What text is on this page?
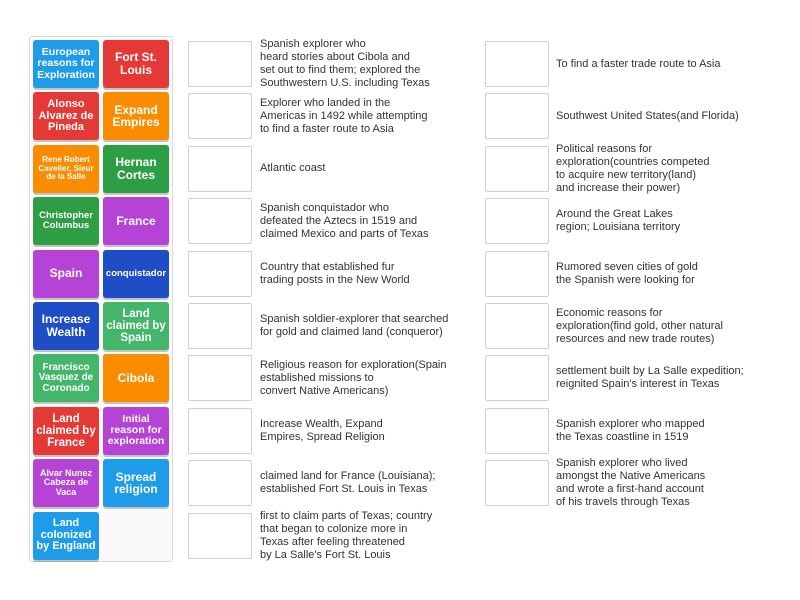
European reasons for Exploration
Fort St. Louis
Alonso Alvarez de Pineda
Expand Empires
Rene Robert Cavelier, Sieur de la Salle
Hernan Cortes
Christopher Columbus	France
Spain conquistador
Increase Wealth
Land claimed by Spain
Francisco Vasquez de Coronado
Cibola
Land claimed by France
Initial reason for exploration
Alvar Nunez Cabeza de Vaca
Spread religion
Land colonized by England
Spanish explorer who
heard stories about Cibola and
set out to find them; explored the
Southwestern U.S. including Texas
Explorer who landed in the
Americas in 1492 while attempting
to find a faster route to Asia
Atlantic coast
Spanish conquistador who
defeated the Aztecs in 1519 and
claimed Mexico and parts of Texas
Country that established fur
trading posts in the New World
Spanish soldier-explorer that searched
for gold and claimed land (conqueror)
Religious reason for exploration(Spain
established missions to
convert Native Americans)
Increase Wealth, Expand
Empires, Spread Religion
claimed land for France (Louisiana);
established Fort St. Louis in Texas
first to claim parts of Texas; country
that began to colonize more in
Texas after feeling threatened
by La Salle's Fort St. Louis
To find a faster trade route to Asia
Southwest United States(and Florida)
Political reasons for
exploration(countries competed
to acquire new territory(land)
and increase their power)
Around the Great Lakes
region; Louisiana territory
Rumored seven cities of gold
the Spanish were looking for
Economic reasons for
exploration(find gold, other natural
resources and new trade routes)
settlement built by La Salle expedition;
reignited Spain's interest in Texas
Spanish explorer who mapped
the Texas coastline in 1519
Spanish explorer who lived
amongst the Native Americans
and wrote a first-hand account
of his travels through Texas
